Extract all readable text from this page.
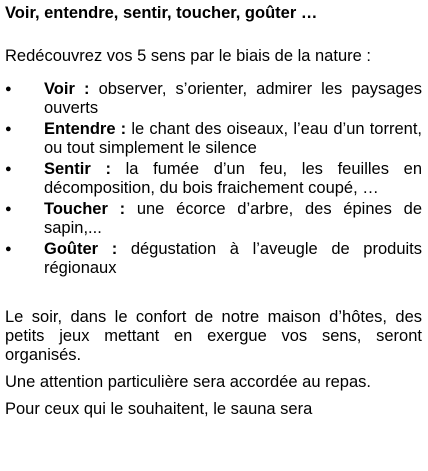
Voir, entendre, sentir, toucher, goûter …

Redécouvrez vos 5 sens par le biais de la nature :

● Voir : observer, s’orienter, admirer les paysages ouverts
● Entendre : le chant des oiseaux, l’eau d’un torrent, ou tout simplement le silence
● Sentir : la fumée d’un feu, les feuilles en décomposition, du bois fraichement coupé, …
● Toucher : une écorce d’arbre, des épines de sapin,...
● Goûter : dégustation à l’aveugle de produits régionaux

Le soir, dans le confort de notre maison d’hôtes, des petits jeux mettant en exergue vos sens, seront organisés.

Une attention particulière sera accordée au repas.

Pour ceux qui le souhaitent, le sauna sera
